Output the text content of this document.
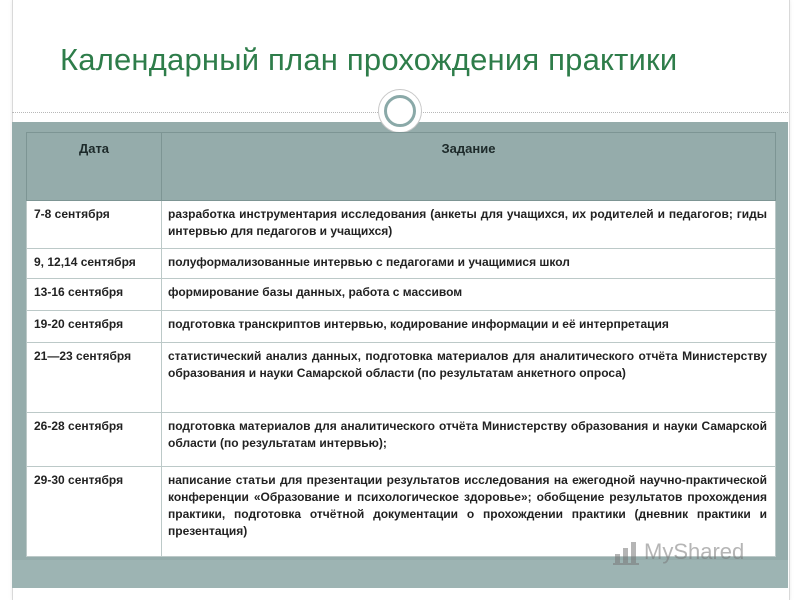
Календарный план прохождения практики
Дата	Задание
7-8 сентября	разработка инструментария исследования (анкеты для учащихся, их родителей и педагогов; гиды интервью для педагогов и учащихся)
9, 12,14 сентября	полуформализованные интервью с педагогами и учащимися школ
13-16 сентября	формирование базы данных, работа с массивом
19-20 сентября	подготовка транскриптов интервью, кодирование информации и её интерпретация
21—23 сентября	статистический анализ данных, подготовка материалов для аналитического отчёта Министерству образования и науки Самарской области (по результатам анкетного опроса)
26-28 сентября	подготовка материалов для аналитического отчёта Министерству образования и науки Самарской области (по результатам интервью);
29-30 сентября	написание статьи для презентации результатов исследования на ежегодной научно-практической конференции «Образование и психологическое здоровье»; обобщение результатов прохождения практики, подготовка отчётной документации о прохождении практики (дневник практики и презентация)
MyShared
